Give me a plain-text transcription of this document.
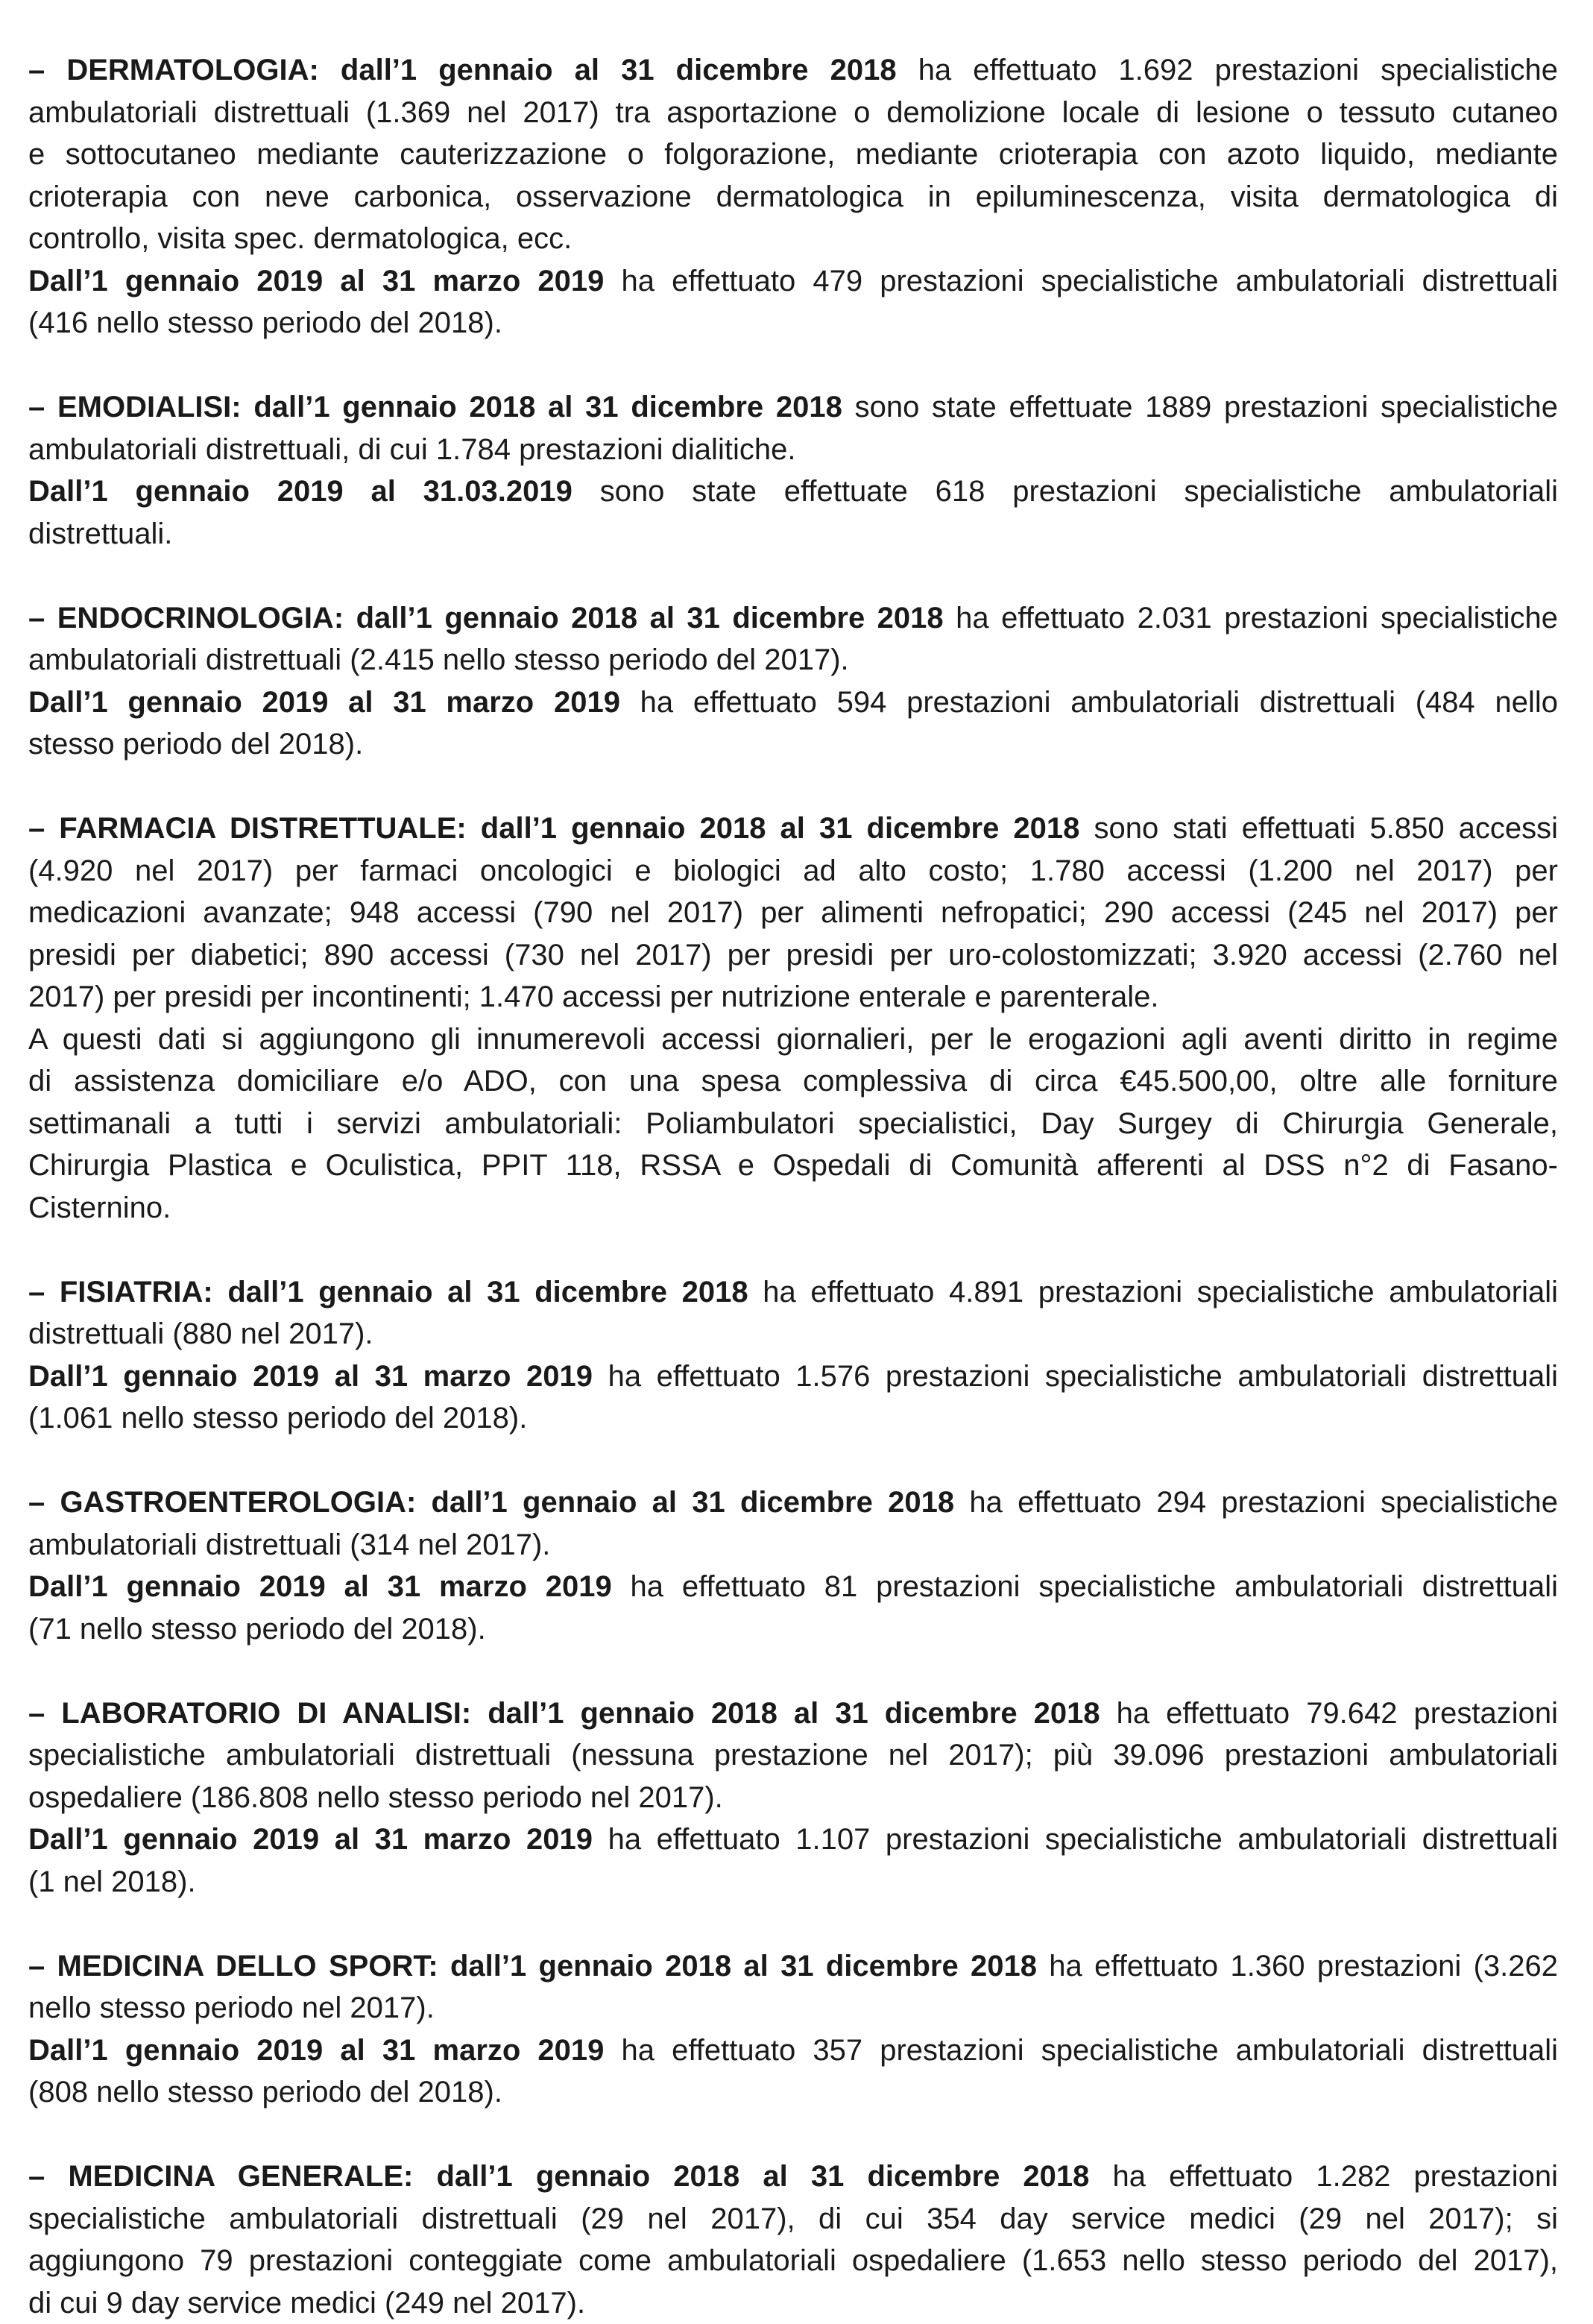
– DERMATOLOGIA: dall’1 gennaio al 31 dicembre 2018 ha effettuato 1.692 prestazioni specialistiche
ambulatoriali distrettuali (1.369 nel 2017) tra asportazione o demolizione locale di lesione o tessuto cutaneo
e sottocutaneo mediante cauterizzazione o folgorazione, mediante crioterapia con azoto liquido, mediante
crioterapia con neve carbonica, osservazione dermatologica in epiluminescenza, visita dermatologica di
controllo, visita spec. dermatologica, ecc.
Dall’1 gennaio 2019 al 31 marzo 2019 ha effettuato 479 prestazioni specialistiche ambulatoriali distrettuali
(416 nello stesso periodo del 2018).
– EMODIALISI: dall’1 gennaio 2018 al 31 dicembre 2018 sono state effettuate 1889 prestazioni specialistiche
ambulatoriali distrettuali, di cui 1.784 prestazioni dialitiche.
Dall’1 gennaio 2019 al 31.03.2019 sono state effettuate 618 prestazioni specialistiche ambulatoriali
distrettuali.
– ENDOCRINOLOGIA: dall’1 gennaio 2018 al 31 dicembre 2018 ha effettuato 2.031 prestazioni specialistiche
ambulatoriali distrettuali (2.415 nello stesso periodo del 2017).
Dall’1 gennaio 2019 al 31 marzo 2019 ha effettuato 594 prestazioni ambulatoriali distrettuali (484 nello
stesso periodo del 2018).
– FARMACIA DISTRETTUALE: dall’1 gennaio 2018 al 31 dicembre 2018 sono stati effettuati 5.850 accessi
(4.920 nel 2017) per farmaci oncologici e biologici ad alto costo; 1.780 accessi (1.200 nel 2017) per
medicazioni avanzate; 948 accessi (790 nel 2017) per alimenti nefropatici; 290 accessi (245 nel 2017) per
presidi per diabetici; 890 accessi (730 nel 2017) per presidi per uro-colostomizzati; 3.920 accessi (2.760 nel
2017) per presidi per incontinenti; 1.470 accessi per nutrizione enterale e parenterale.
A questi dati si aggiungono gli innumerevoli accessi giornalieri, per le erogazioni agli aventi diritto in regime
di assistenza domiciliare e/o ADO, con una spesa complessiva di circa €45.500,00, oltre alle forniture
settimanali a tutti i servizi ambulatoriali: Poliambulatori specialistici, Day Surgey di Chirurgia Generale,
Chirurgia Plastica e Oculistica, PPIT 118, RSSA e Ospedali di Comunità afferenti al DSS n°2 di Fasano-
Cisternino.
– FISIATRIA: dall’1 gennaio al 31 dicembre 2018 ha effettuato 4.891 prestazioni specialistiche ambulatoriali
distrettuali (880 nel 2017).
Dall’1 gennaio 2019 al 31 marzo 2019 ha effettuato 1.576 prestazioni specialistiche ambulatoriali distrettuali
(1.061 nello stesso periodo del 2018).
– GASTROENTEROLOGIA: dall’1 gennaio al 31 dicembre 2018 ha effettuato 294 prestazioni specialistiche
ambulatoriali distrettuali (314 nel 2017).
Dall’1 gennaio 2019 al 31 marzo 2019 ha effettuato 81 prestazioni specialistiche ambulatoriali distrettuali
(71 nello stesso periodo del 2018).
– LABORATORIO DI ANALISI: dall’1 gennaio 2018 al 31 dicembre 2018 ha effettuato 79.642 prestazioni
specialistiche ambulatoriali distrettuali (nessuna prestazione nel 2017); più 39.096 prestazioni ambulatoriali
ospedaliere (186.808 nello stesso periodo nel 2017).
Dall’1 gennaio 2019 al 31 marzo 2019 ha effettuato 1.107 prestazioni specialistiche ambulatoriali distrettuali
(1 nel 2018).
– MEDICINA DELLO SPORT: dall’1 gennaio 2018 al 31 dicembre 2018 ha effettuato 1.360 prestazioni (3.262
nello stesso periodo nel 2017).
Dall’1 gennaio 2019 al 31 marzo 2019 ha effettuato 357 prestazioni specialistiche ambulatoriali distrettuali
(808 nello stesso periodo del 2018).
– MEDICINA GENERALE: dall’1 gennaio 2018 al 31 dicembre 2018 ha effettuato 1.282 prestazioni
specialistiche ambulatoriali distrettuali (29 nel 2017), di cui 354 day service medici (29 nel 2017); si
aggiungono 79 prestazioni conteggiate come ambulatoriali ospedaliere (1.653 nello stesso periodo del 2017),
di cui 9 day service medici (249 nel 2017).
